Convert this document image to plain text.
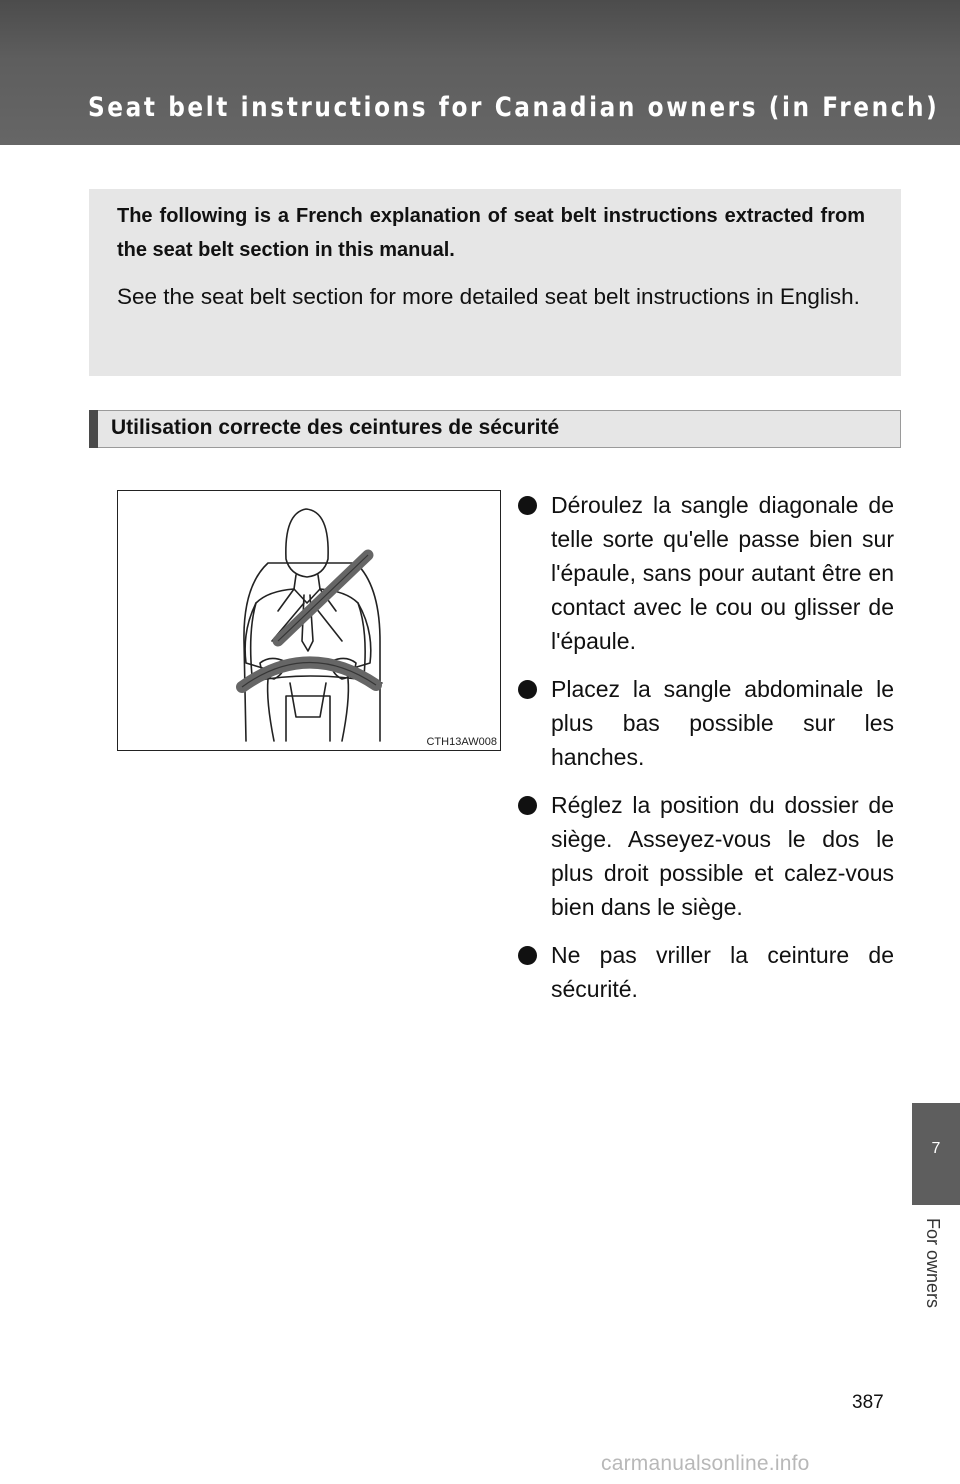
Seat belt instructions for Canadian owners (in French)

The following is a French explanation of seat belt instructions extracted from the seat belt section in this manual.

See the seat belt section for more detailed seat belt instructions in English.

Utilisation correcte des ceintures de sécurité
CTH13AW008
Déroulez la sangle diagonale de telle sorte qu'elle passe bien sur l'épaule, sans pour autant être en contact avec le cou ou glisser de l'épaule.
Placez la sangle abdominale le plus bas possible sur les hanches.
Réglez la position du dossier de siège. Asseyez-vous le dos le plus droit possible et calez-vous bien dans le siège.
Ne pas vriller la ceinture de sécurité.
7
For owners
387
carmanualsonline.info
